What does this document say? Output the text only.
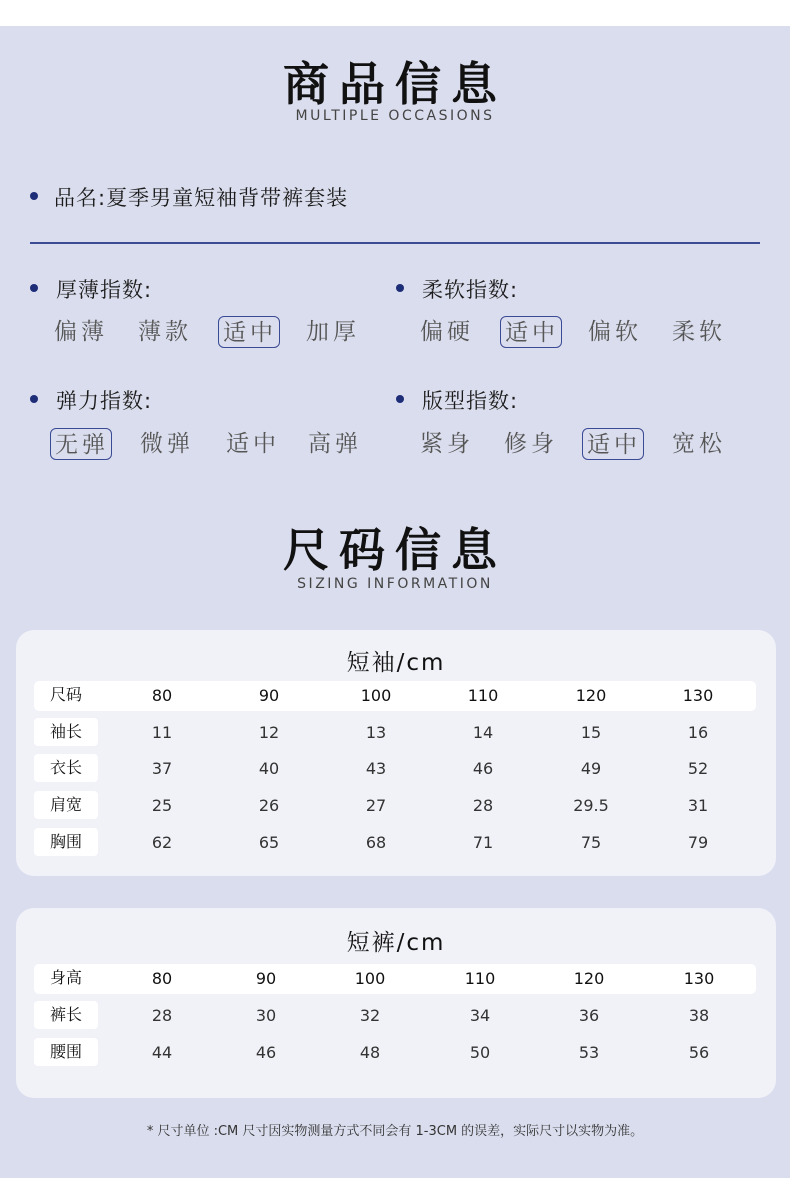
商品信息
MULTIPLE OCCASIONS
品名:夏季男童短袖背带裤套装
厚薄指数:
偏薄 薄款 适中 加厚
柔软指数:
偏硬 适中 偏软 柔软
弹力指数:
无弹 微弹 适中 高弹
版型指数:
紧身 修身 适中 宽松
尺码信息
SIZING INFORMATION
短袖/cm
尺码	80	90	100	110	120	130
袖长	11	12	13	14	15	16
衣长	37	40	43	46	49	52
肩宽	25	26	27	28	29.5	31
胸围	62	65	68	71	75	79
短裤/cm
身高	80	90	100	110	120	130
裤长	28	30	32	34	36	38
腰围	44	46	48	50	53	56
* 尺寸单位 :CM 尺寸因实物测量方式不同会有 1-3CM 的误差，实际尺寸以实物为准。
